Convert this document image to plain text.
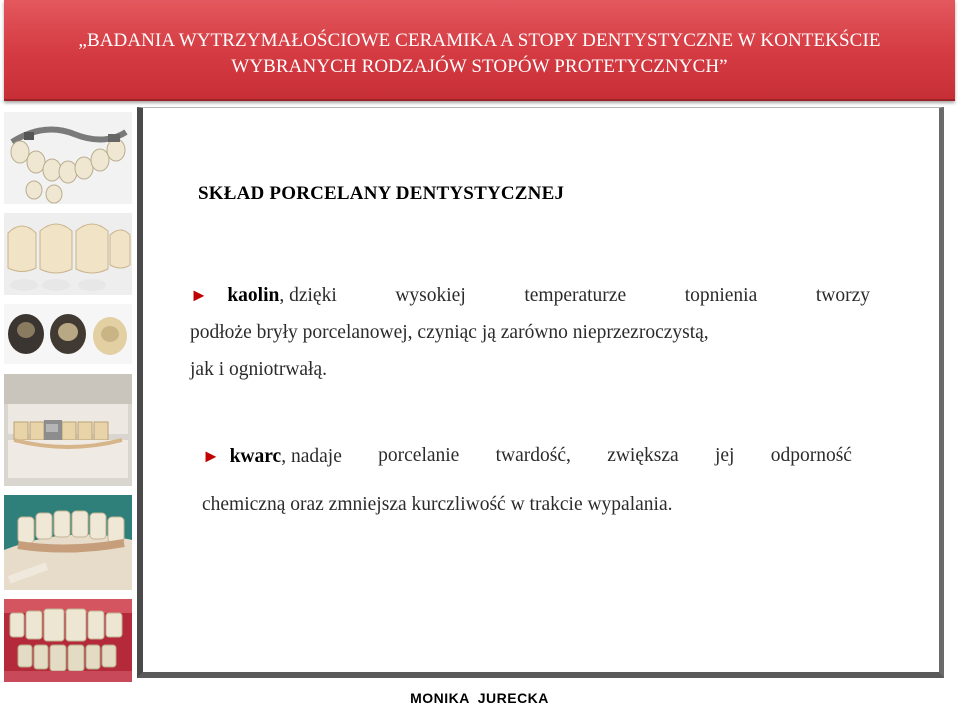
„BADANIA WYTRZYMAŁOŚCIOWE CERAMIKA A STOPY DENTYSTYCZNE W KONTEKŚCIE
WYBRANYCH RODZAJÓW STOPÓW PROTETYCZNYCH”
SKŁAD PORCELANY DENTYSTYCZNEJ
► kaolin, dzięki	wysokiej	temperaturze	topnienia	tworzy
podłoże bryły porcelanowej, czyniąc ją zarówno nieprzezroczystą,
jak i ogniotrwałą.
► kwarc, nadaje porcelanie twardość, zwiększa jej odporność
chemiczną oraz zmniejsza kurczliwość w trakcie wypalania.
MONIKA JURECKA
